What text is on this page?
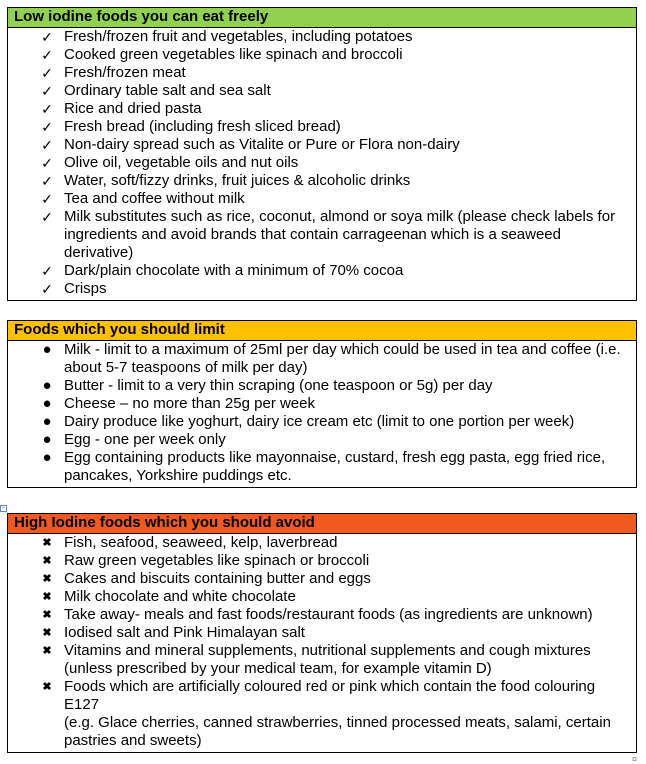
Low iodine foods you can eat freely
✓ Fresh/frozen fruit and vegetables, including potatoes
✓ Cooked green vegetables like spinach and broccoli
✓ Fresh/frozen meat
✓ Ordinary table salt and sea salt
✓ Rice and dried pasta
✓ Fresh bread (including fresh sliced bread)
✓ Non-dairy spread such as Vitalite or Pure or Flora non-dairy
✓ Olive oil, vegetable oils and nut oils
✓ Water, soft/fizzy drinks, fruit juices & alcoholic drinks
✓ Tea and coffee without milk
✓ Milk substitutes such as rice, coconut, almond or soya milk (please check labels for ingredients and avoid brands that contain carrageenan which is a seaweed derivative)
✓ Dark/plain chocolate with a minimum of 70% cocoa
✓ Crisps
Foods which you should limit
● Milk - limit to a maximum of 25ml per day which could be used in tea and coffee (i.e. about 5-7 teaspoons of milk per day)
● Butter - limit to a very thin scraping (one teaspoon or 5g) per day
● Cheese – no more than 25g per week
● Dairy produce like yoghurt, dairy ice cream etc (limit to one portion per week)
● Egg - one per week only
● Egg containing products like mayonnaise, custard, fresh egg pasta, egg fried rice, pancakes, Yorkshire puddings etc.
+
High Iodine foods which you should avoid
✖ Fish, seafood, seaweed, kelp, laverbread
✖ Raw green vegetables like spinach or broccoli
✖ Cakes and biscuits containing butter and eggs
✖ Milk chocolate and white chocolate
✖ Take away- meals and fast foods/restaurant foods (as ingredients are unknown)
✖ Iodised salt and Pink Himalayan salt
✖ Vitamins and mineral supplements, nutritional supplements and cough mixtures (unless prescribed by your medical team, for example vitamin D)
✖ Foods which are artificially coloured red or pink which contain the food colouring E127
(e.g. Glace cherries, canned strawberries, tinned processed meats, salami, certain pastries and sweets)
¤
